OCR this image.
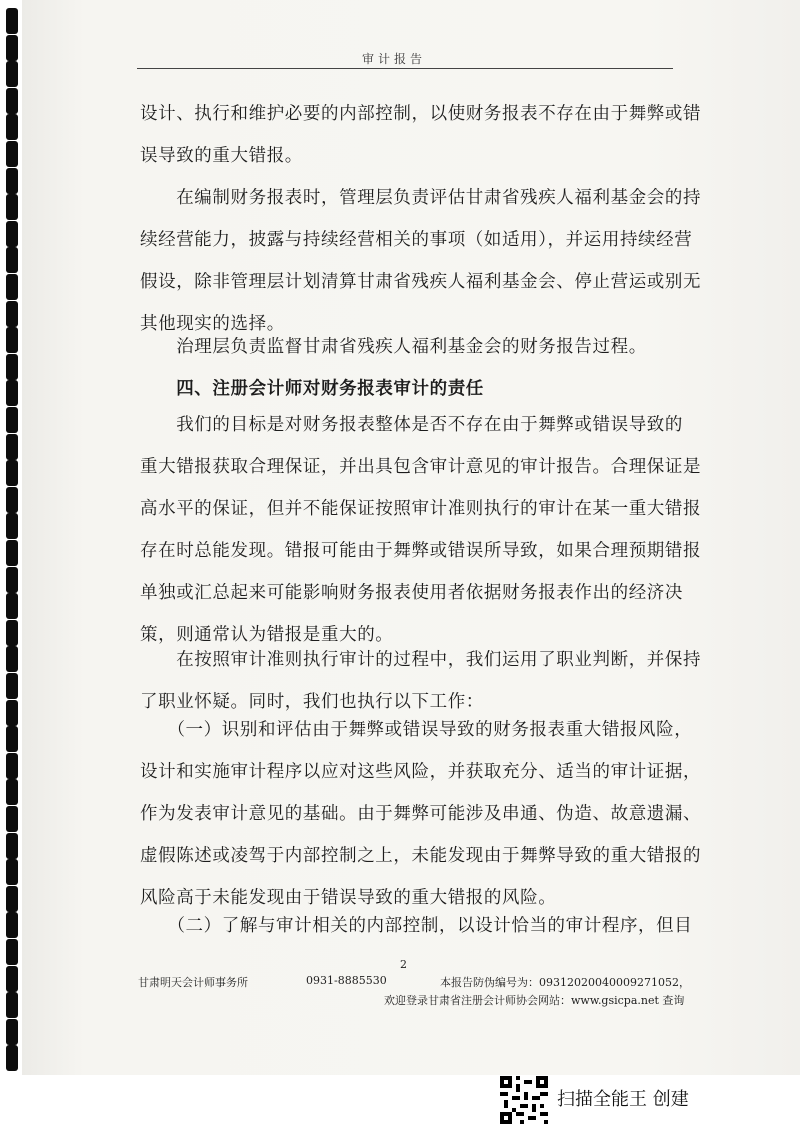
审计报告
设计、执行和维护必要的内部控制，以使财务报表不存在由于舞弊或错
误导致的重大错报。
　　在编制财务报表时，管理层负责评估甘肃省残疾人福利基金会的持
续经营能力，披露与持续经营相关的事项（如适用），并运用持续经营
假设，除非管理层计划清算甘肃省残疾人福利基金会、停止营运或别无
其他现实的选择。
　　治理层负责监督甘肃省残疾人福利基金会的财务报告过程。
　　四、注册会计师对财务报表审计的责任
　　我们的目标是对财务报表整体是否不存在由于舞弊或错误导致的
重大错报获取合理保证，并出具包含审计意见的审计报告。合理保证是
高水平的保证，但并不能保证按照审计准则执行的审计在某一重大错报
存在时总能发现。错报可能由于舞弊或错误所导致，如果合理预期错报
单独或汇总起来可能影响财务报表使用者依据财务报表作出的经济决
策，则通常认为错报是重大的。
　　在按照审计准则执行审计的过程中，我们运用了职业判断，并保持
了职业怀疑。同时，我们也执行以下工作：
　　（一）识别和评估由于舞弊或错误导致的财务报表重大错报风险，
设计和实施审计程序以应对这些风险，并获取充分、适当的审计证据，
作为发表审计意见的基础。由于舞弊可能涉及串通、伪造、故意遗漏、
虚假陈述或凌驾于内部控制之上，未能发现由于舞弊导致的重大错报的
风险高于未能发现由于错误导致的重大错报的风险。
　　（二）了解与审计相关的内部控制，以设计恰当的审计程序，但目
2
甘肃明天会计师事务所	0931-8885530	本报告防伪编号为：093120200400092710​52，
欢迎登录甘肃省注册会计师协会网站：www.gsicpa.net 查询
扫描全能王 创建
